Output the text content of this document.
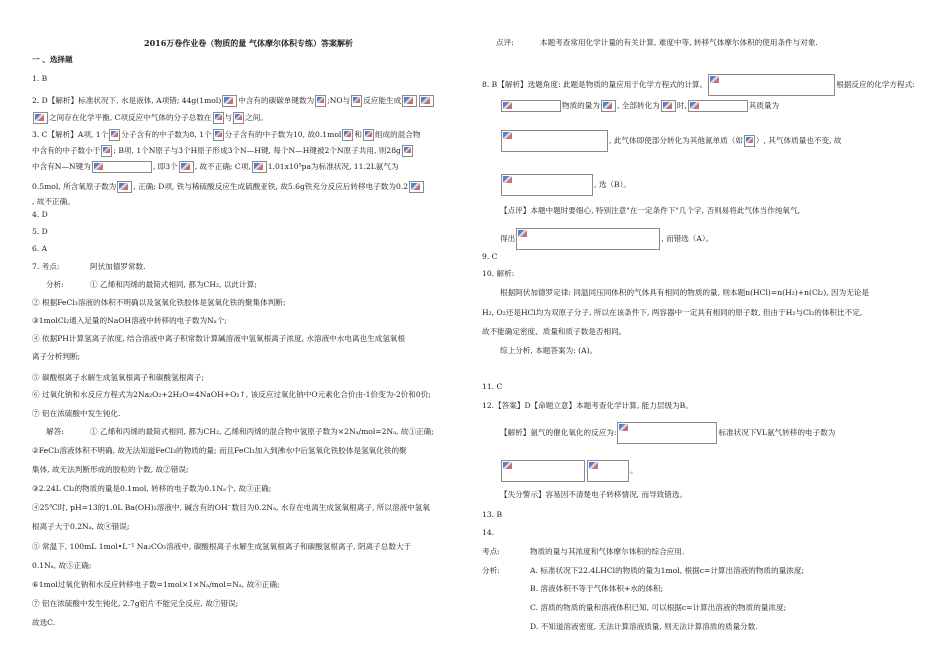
2016万卷作业卷（物质的量 气体摩尔体积专练）答案解析
一 、选择题
1. B
2. D【解析】标准状况下, 水是液体, A项错; 44g(1mol) 中含有的碳碳单键数为 ;NO与 反应能生成
之间存在化学平衡, C项反应中气体的分子总数在 与 之间。
3. C【解析】A项, 1个 分子含有的中子数为8, 1个 分子含有的中子数为10, 故0.1mol 和 组成的混合物
中含有的中子数小于 ; B项, 1个N原子与3个H原子形成3个N—H键, 每个N—H键被2个N原子共用, 则28g
中含有N—N键为	, 即3个 , 故不正确; C项, 1.01x10⁵pa为标准状况, 11.2L氨气为
0.5mol, 所含氧原子数为 , 正确; D项, 铁与稀硫酸反应生成硫酸亚铁, 故5.6g铁充分反应后转移电子数为0.2
, 故不正确。
4. D
5. D
6. A
7. 考点:	阿伏加德罗常数.
分析:	① 乙烯和丙烯的最简式相同, 都为CH₂, 以此计算;
② 根据FeCl₃溶液的体积不明确以及氢氧化铁胶体是氢氧化铁的聚集体判断;
③1molCl₂通入足量的NaOH溶液中转移的电子数为Nₐ个;
④ 依据PH计算氢离子浓度, 结合溶液中离子积常数计算碱溶液中氢氧根离子浓度, 水溶液中水电离也生成氢氧根
离子分析判断;
⑤ 碳酸根离子水解生成氢氧根离子和碳酸氢根离子;
⑥ 过氧化钠和水反应方程式为2Na₂O₂+2H₂O=4NaOH+O₂↑, 该反应过氧化钠中O元素化合价由-1价变为-2价和0价;
⑦ 铝在浓硫酸中发生钝化.
解答:	① 乙烯和丙烯的最简式相同, 都为CH₂, 乙烯和丙烯的混合物中氢原子数为×2Nₐ/mol=2Nₐ, 故①正确;
②FeCl₃溶液体积不明确, 故无法知道FeCl₃的物质的量; 而且FeCl₃加入到沸水中后氢氧化铁胶体是氢氧化铁的聚
集体, 故无法判断形成的胶粒的个数, 故②错误;
③2.24L Cl₂的物质的量是0.1mol, 转移的电子数为0.1Nₐ个, 故③正确;
④25℃时, pH=13的1.0L Ba(OH)₂溶液中, 碱含有的OH⁻数目为0.2Nₐ, 水存在电离生成氢氧根离子, 所以溶液中氢氧
根离子大于0.2Nₐ, 故④错误;
⑤ 常温下, 100mL 1mol•L⁻¹ Na₂CO₃溶液中, 碳酸根离子水解生成氢氧根离子和碳酸氢根离子, 阴离子总数大于
0.1Nₐ, 故⑤正确;
⑥1mol过氧化钠和水反应转移电子数=1mol×1×Nₐ/mol=Nₐ, 故⑥正确;
⑦ 铝在浓硫酸中发生钝化, 2.7g铝片不能完全反应, 故⑦错误;
故选C.
点评:	本题考查常用化学计量的有关计算, 难度中等, 转移气体摩尔体积的使用条件与对象.
8. B【解析】选题角度: 此题是物质的量应用于化学方程式的计算。	根据反应的化学方程式:
物质的量为 , 全部转化为 时,	其质量为
, 此气体即使部分转化为其他氮单质（如 ）, 其气体质量也不变, 故
, 选（B）。
【点评】本题中题时要细心, 特别注意"在一定条件下"几个字, 否则易将此气体当作纯氧气,
得出	, 而错选（A）。
9. C
10. 解析:
根据阿伏加德罗定律: 同温同压同体积的气体具有相同的物质的量, 则本题n(HCl)=n(H₂)+n(Cl₂), 因为无论是
H₂, O₂还是HCl均为双原子分子, 所以在该条件下, 两容器中一定具有相同的原子数, 但由于H₂与Cl₂的体积比不定,
故不能确定密度、质量和质子数是否相同。
综上分析, 本题答案为: (A)。
11. C
12.【答案】D【命题立意】本题考查化学计算, 能力层级为B。
【解析】氨气的催化氧化的反应为:	标准状况下VL氨气转移的电子数为
。
【失分警示】容易因不清楚电子转移情况, 而导致错选。
13. B
14.
考点:	物质的量与其浓度和气体摩尔体积的综合应用.
分析:	A. 标准状况下22.4LHCl的物质的量为1mol, 根据c=计算出溶液的物质的量浓度;
B. 溶液体积不等于气体体积+水的体积;
C. 溶质的物质的量和溶液体积已知, 可以根据c=计算出溶液的物质的量浓度;
D. 不知道溶液密度, 无法计算溶液质量, 则无法计算溶质的质量分数.
